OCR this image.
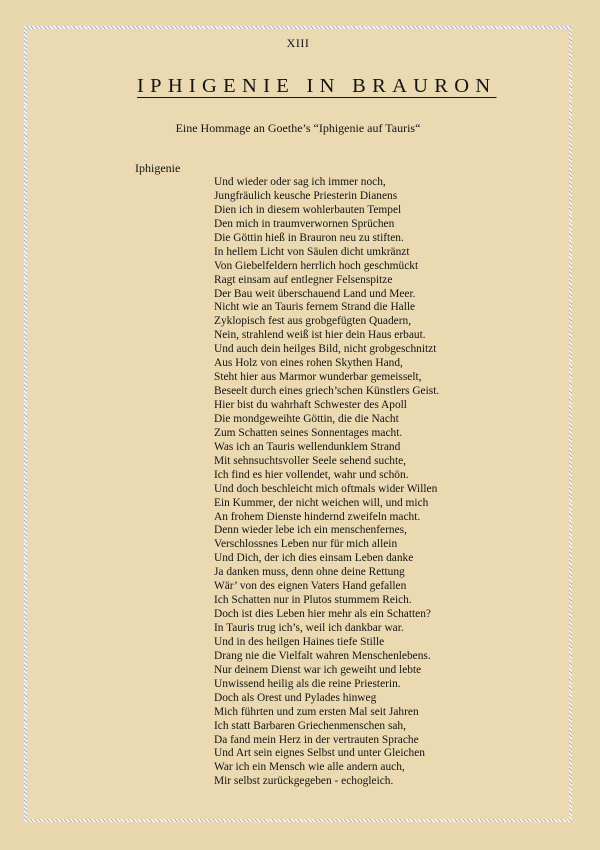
XIII
IPHIGENIE IN BRAURON
Eine Hommage an Goethe’s “Iphigenie auf Tauris“
Iphigenie
Und wieder oder sag ich immer noch,
Jungfräulich keusche Priesterin Dianens
Dien ich in diesem wohlerbauten Tempel
Den mich in traumverwornen Sprüchen
Die Göttin hieß in Brauron neu zu stiften.
In hellem Licht von Säulen dicht umkränzt
Von Giebelfeldern herrlich hoch geschmückt
Ragt einsam auf entlegner Felsenspitze
Der Bau weit überschauend Land und Meer.
Nicht wie an Tauris fernem Strand die Halle
Zyklopisch fest aus grobgefügten Quadern,
Nein, strahlend weiß ist hier dein Haus erbaut.
Und auch dein heilges Bild, nicht grobgeschnitzt
Aus Holz von eines rohen Skythen Hand,
Steht hier aus Marmor wunderbar gemeisselt,
Beseelt durch eines griech’schen Künstlers Geist.
Hier bist du wahrhaft Schwester des Apoll
Die mondgeweihte Göttin, die die Nacht
Zum Schatten seines Sonnentages macht.
Was ich an Tauris wellendunklem Strand
Mit sehnsuchtsvoller Seele sehend suchte,
Ich find es hier vollendet, wahr und schön.
Und doch beschleicht mich oftmals wider Willen
Ein Kummer, der nicht weichen will, und mich
An frohem Dienste hindernd zweifeln macht.
Denn wieder lebe ich ein menschenfernes,
Verschlossnes Leben nur für mich allein
Und Dich, der ich dies einsam Leben danke
Ja danken muss, denn ohne deine Rettung
Wär’ von des eignen Vaters Hand gefallen
Ich Schatten nur in Plutos stummem Reich.
Doch ist dies Leben hier mehr als ein Schatten?
In Tauris trug ich’s, weil ich dankbar war.
Und in des heilgen Haines tiefe Stille
Drang nie die Vielfalt wahren Menschenlebens.
Nur deinem Dienst war ich geweiht und lebte
Unwissend heilig als die reine Priesterin.
Doch als Orest und Pylades hinweg
Mich führten und zum ersten Mal seit Jahren
Ich statt Barbaren Griechenmenschen sah,
Da fand mein Herz in der vertrauten Sprache
Und Art sein eignes Selbst und unter Gleichen
War ich ein Mensch wie alle andern auch,
Mir selbst zurückgegeben - echogleich.
